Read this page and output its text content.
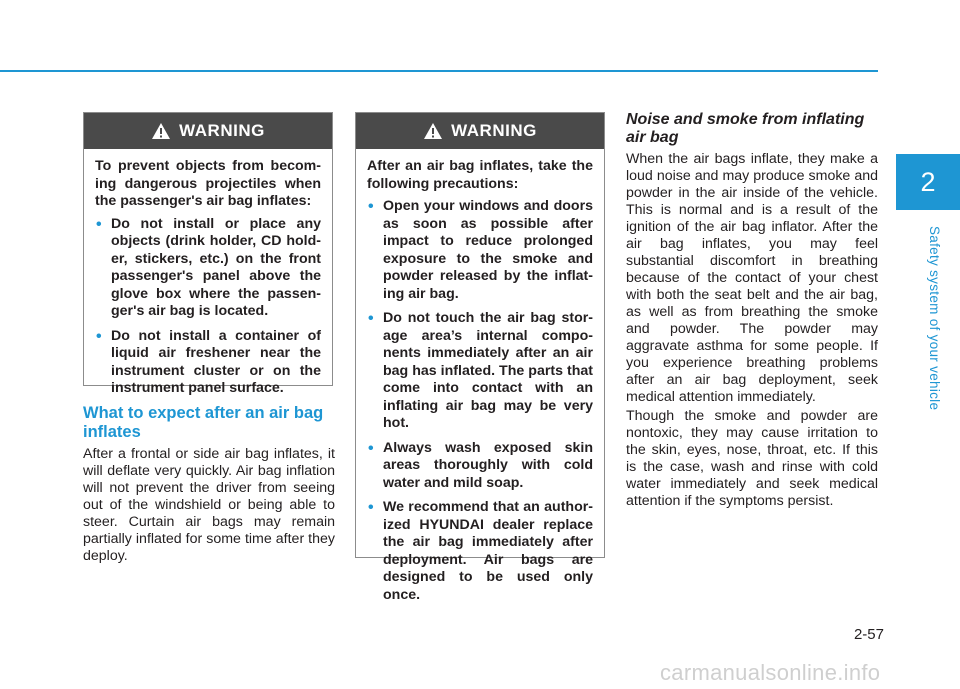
WARNING

To prevent objects from becom-ing dangerous projectiles when the passenger's air bag inflates:

• Do not install or place any objects (drink holder, CD hold-er, stickers, etc.) on the front passenger's panel above the glove box where the passen-ger's air bag is located.
• Do not install a container of liquid air freshener near the instrument cluster or on the instrument panel surface.
What to expect after an air bag inflates
After a frontal or side air bag inflates, it will deflate very quickly. Air bag inflation will not prevent the driver from seeing out of the windshield or being able to steer. Curtain air bags may remain partially inflated for some time after they deploy.
WARNING

After an air bag inflates, take the following precautions:

• Open your windows and doors as soon as possible after impact to reduce prolonged exposure to the smoke and powder released by the inflat-ing air bag.
• Do not touch the air bag stor-age area’s internal compo-nents immediately after an air bag has inflated. The parts that come into contact with an inflating air bag may be very hot.
• Always wash exposed skin areas thoroughly with cold water and mild soap.
• We recommend that an author-ized HYUNDAI dealer replace the air bag immediately after deployment. Air bags are designed to be used only once.
Noise and smoke from inflating air bag
When the air bags inflate, they make a loud noise and may produce smoke and powder in the air inside of the vehicle. This is normal and is a result of the ignition of the air bag inflator. After the air bag inflates, you may feel substantial discomfort in breathing because of the contact of your chest with both the seat belt and the air bag, as well as from breathing the smoke and powder. The powder may aggravate asthma for some people. If you experience breathing problems after an air bag deployment, seek medical attention immediately.
Though the smoke and powder are nontoxic, they may cause irritation to the skin, eyes, nose, throat, etc. If this is the case, wash and rinse with cold water immediately and seek medical attention if the symptoms persist.
2
Safety system of your vehicle
2-57
carmanualsonline.info
